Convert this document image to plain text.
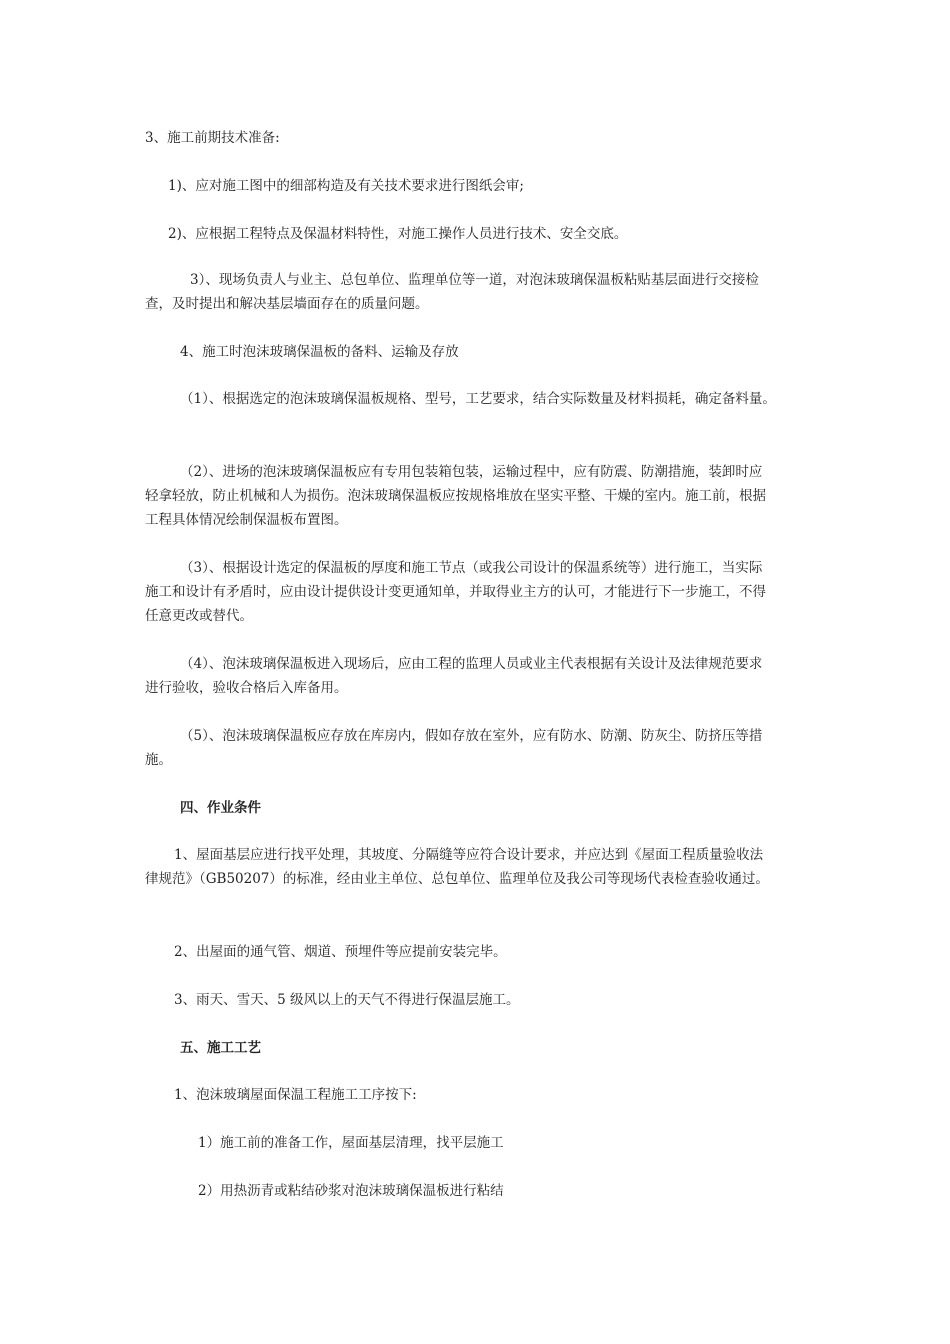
3、施工前期技术准备:
1)、应对施工图中的细部构造及有关技术要求进行图纸会审;
2)、应根据工程特点及保温材料特性，对施工操作人员进行技术、安全交底。
3）、现场负责人与业主、总包单位、监理单位等一道，对泡沫玻璃保温板粘贴基层面进行交接检
查，及时提出和解决基层墙面存在的质量问题。
4、施工时泡沫玻璃保温板的备料、运输及存放
（1）、根据选定的泡沫玻璃保温板规格、型号，工艺要求，结合实际数量及材料损耗，确定备料量。
（2）、进场的泡沫玻璃保温板应有专用包装箱包装，运输过程中，应有防震、防潮措施，装卸时应
轻拿轻放，防止机械和人为损伤。泡沫玻璃保温板应按规格堆放在坚实平整、干燥的室内。施工前，根据
工程具体情况绘制保温板布置图。
（3）、根据设计选定的保温板的厚度和施工节点（或我公司设计的保温系统等）进行施工，当实际
施工和设计有矛盾时，应由设计提供设计变更通知单，并取得业主方的认可，才能进行下一步施工，不得
任意更改或替代。
（4）、泡沫玻璃保温板进入现场后，应由工程的监理人员或业主代表根据有关设计及法律规范要求
进行验收，验收合格后入库备用。
（5）、泡沫玻璃保温板应存放在库房内，假如存放在室外，应有防水、防潮、防灰尘、防挤压等措
施。
四、作业条件
1、屋面基层应进行找平处理，其坡度、分隔缝等应符合设计要求，并应达到《屋面工程质量验收法
律规范》（GB50207）的标准，经由业主单位、总包单位、监理单位及我公司等现场代表检查验收通过。
2、出屋面的通气管、烟道、预埋件等应提前安装完毕。
3、雨天、雪天、5 级风以上的天气不得进行保温层施工。
五、施工工艺
1、泡沫玻璃屋面保温工程施工工序按下:
1）施工前的准备工作，屋面基层清理，找平层施工
2）用热沥青或粘结砂浆对泡沫玻璃保温板进行粘结
